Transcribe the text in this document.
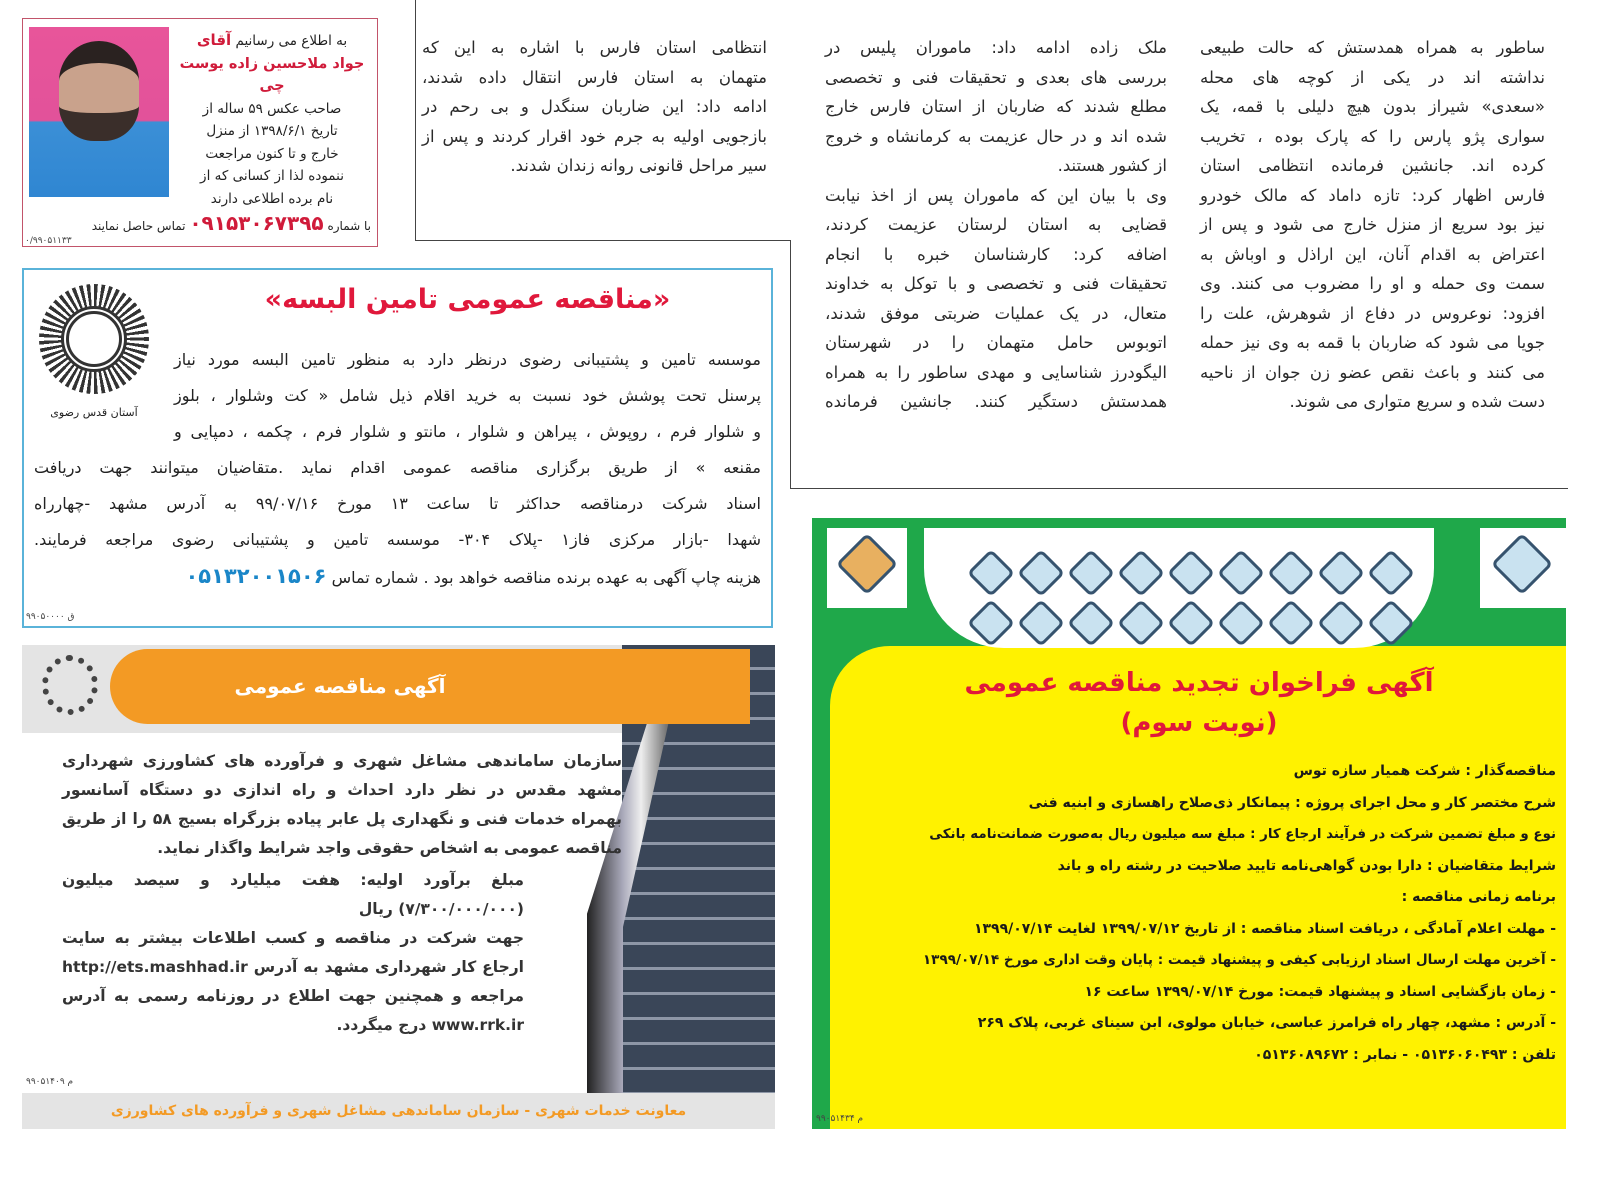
ساطور به همراه همدستش که حالت طبیعی
نداشته اند در یکی از کوچه های محله
«سعدی» شیراز بدون هیچ دلیلی با قمه، یک
سواری پژو پارس را که پارک بوده ، تخریب
کرده اند. جانشین فرمانده انتظامی استان
فارس اظهار کرد: تازه داماد که مالک خودرو
نیز بود سریع از منزل خارج می شود و پس از
اعتراض به اقدام آنان، این اراذل و اوباش به
سمت وی حمله و او را مضروب می کنند. وی
افزود: نوعروس در دفاع از شوهرش، علت را
جویا می شود که ضاربان با قمه به وی نیز حمله
می کنند و باعث نقص عضو زن جوان از ناحیه
دست شده و سریع متواری می شوند.
ملک زاده ادامه داد: ماموران پلیس در
بررسی های بعدی و تحقیقات فنی و تخصصی
مطلع شدند که ضاربان از استان فارس خارج
شده اند و در حال عزیمت به کرمانشاه و خروج
از کشور هستند.
وی با بیان این که ماموران پس از اخذ نیابت
قضایی به استان لرستان عزیمت کردند،
اضافه کرد: کارشناسان خبره با انجام
تحقیقات فنی و تخصصی و با توکل به خداوند
متعال، در یک عملیات ضربتی موفق شدند،
اتوبوس حامل متهمان را در شهرستان
الیگودرز شناسایی و مهدی ساطور را به همراه
همدستش دستگیر کنند. جانشین فرمانده
انتظامی استان فارس با اشاره به این که
متهمان به استان فارس انتقال داده شدند،
ادامه داد: این ضاربان سنگدل و بی رحم در
بازجویی اولیه به جرم خود اقرار کردند و پس از
سیر مراحل قانونی روانه زندان شدند.
به اطلاع می رسانیم آقای
جواد ملاحسین زاده یوست چی
صاحب عکس ۵۹ ساله از
تاریخ ۱۳۹۸/۶/۱ از منزل
خارج و تا کنون مراجعت
ننموده لذا از کسانی که از
نام برده اطلاعی دارند
با شماره ۰۹۱۵۳۰۶۷۳۹۵ تماس حاصل نمایند
۰/۹۹۰۵۱۱۳۳
آستان قدس رضوی
«مناقصه عمومی تامین البسه»
موسسه تامین و پشتیبانی رضوی درنظر دارد به منظور تامین البسه مورد نیاز
پرسنل تحت پوشش خود نسبت به خرید اقلام ذیل شامل « کت وشلوار ، بلوز
و شلوار فرم ، روپوش ، پیراهن و شلوار ، مانتو و شلوار فرم ، چکمه ، دمپایی و
مقنعه » از طریق برگزاری مناقصه عمومی اقدام نماید .متقاضیان میتوانند جهت دریافت
اسناد شرکت درمناقصه حداکثر تا ساعت ۱۳ مورخ ۹۹/۰۷/۱۶ به آدرس مشهد -چهارراه
شهدا -بازار مرکزی فاز۱ -پلاک ۳۰۴- موسسه تامین و پشتیبانی رضوی مراجعه فرمایند.
هزینه چاپ آگهی به عهده برنده مناقصه خواهد بود . شماره تماس ۰۵۱۳۲۰۰۱۵۰۶
۹۹۰۵۰۰۰۰ ق
آگهی مناقصه عمومی
سازمان ساماندهی مشاغل شهری و فرآورده های کشاورزی شهرداری
مشهد مقدس در نظر دارد احداث و راه اندازی دو دستگاه آسانسور
بهمراه خدمات فنی و نگهداری پل عابر پیاده بزرگراه بسیج ۵۸ را از طریق
مناقصه عمومی به اشخاص حقوقی واجد شرایط واگذار نماید.
مبلغ برآورد اولیه: هفت میلیارد و سیصد میلیون
(۷/۳۰۰/۰۰۰/۰۰۰) ریال
جهت شرکت در مناقصه و کسب اطلاعات بیشتر به سایت
ارجاع کار شهرداری مشهد به آدرس http://ets.mashhad.ir
مراجعه و همچنین جهت اطلاع در روزنامه رسمی به آدرس
www.rrk.ir درج میگردد.
۹۹۰۵۱۴۰۹ م
معاونت خدمات شهری - سازمان ساماندهی مشاغل شهری و فرآورده های کشاورزی
آگهی فراخوان تجدید مناقصه عمومی
(نوبت سوم)
مناقصه‌گذار : شرکت همیار سازه توس
شرح مختصر کار و محل اجرای پروژه : پیمانکار ذی‌صلاح راهسازی و ابنیه فنی
نوع و مبلغ تضمین شرکت در فرآیند ارجاع کار : مبلغ سه میلیون ریال به‌صورت ضمانت‌نامه بانکی
شرایط متقاضیان : دارا بودن گواهی‌نامه تایید صلاحیت در رشته راه و باند
برنامه زمانی مناقصه :
- مهلت اعلام آمادگی ، دریافت اسناد مناقصه : از تاریخ ۱۳۹۹/۰۷/۱۲ لغایت ۱۳۹۹/۰۷/۱۴
- آخرین مهلت ارسال اسناد ارزیابی کیفی و پیشنهاد قیمت : پایان وقت اداری مورخ ۱۳۹۹/۰۷/۱۴
- زمان بازگشایی اسناد و پیشنهاد قیمت: مورخ ۱۳۹۹/۰۷/۱۴ ساعت ۱۶
- آدرس : مشهد، چهار راه فرامرز عباسی، خیابان مولوی، ابن سینای غربی، پلاک ۲۶۹
تلفن : ۰۵۱۳۶۰۶۰۴۹۳ - نمابر : ۰۵۱۳۶۰۸۹۶۷۲
۹۹۰۵۱۴۳۴ م
